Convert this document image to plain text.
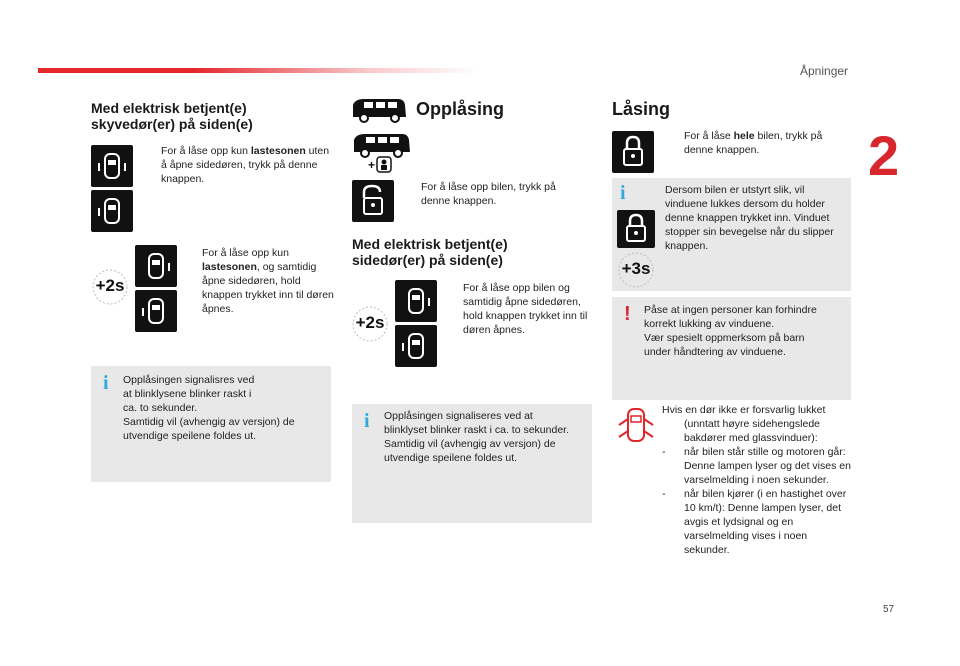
Åpninger
2
57
Med elektrisk betjent(e)
skyvedør(er) på siden(e)
For å låse opp kun lastesonen uten å åpne sidedøren, trykk på denne knappen.
+2s
For å låse opp kun lastesonen, og samtidig åpne sidedøren, hold knappen trykket inn til døren åpnes.
i Opplåsingen signalisres ved
at blinklysene blinker raskt i
ca. to sekunder.
Samtidig vil (avhengig av versjon) de
utvendige speilene foldes ut.
Opplåsing
+
For å låse opp bilen, trykk på denne knappen.
Med elektrisk betjent(e)
sidedør(er) på siden(e)
+2s
For å låse opp bilen og samtidig åpne sidedøren, hold knappen trykket inn til døren åpnes.
i Opplåsingen signaliseres ved at
blinklyset blinker raskt i ca. to sekunder.
Samtidig vil (avhengig av versjon) de
utvendige speilene foldes ut.
Låsing
For å låse hele bilen, trykk på denne knappen.
i
+3s
Dersom bilen er utstyrt slik, vil vinduene lukkes dersom du holder denne knappen trykket inn. Vinduet stopper sin bevegelse når du slipper knappen.
! Påse at ingen personer kan forhindre
korrekt lukking av vinduene.
Vær spesielt oppmerksom på barn
under håndtering av vinduene.
Hvis en dør ikke er forsvarlig lukket
(unntatt høyre sidehengslede bakdører med glassvinduer):
-	når bilen står stille og motoren går: Denne lampen lyser og det vises en varselmelding i noen sekunder.
-	når bilen kjører (i en hastighet over 10 km/t): Denne lampen lyser, det avgis et lydsignal og en varselmelding vises i noen sekunder.
